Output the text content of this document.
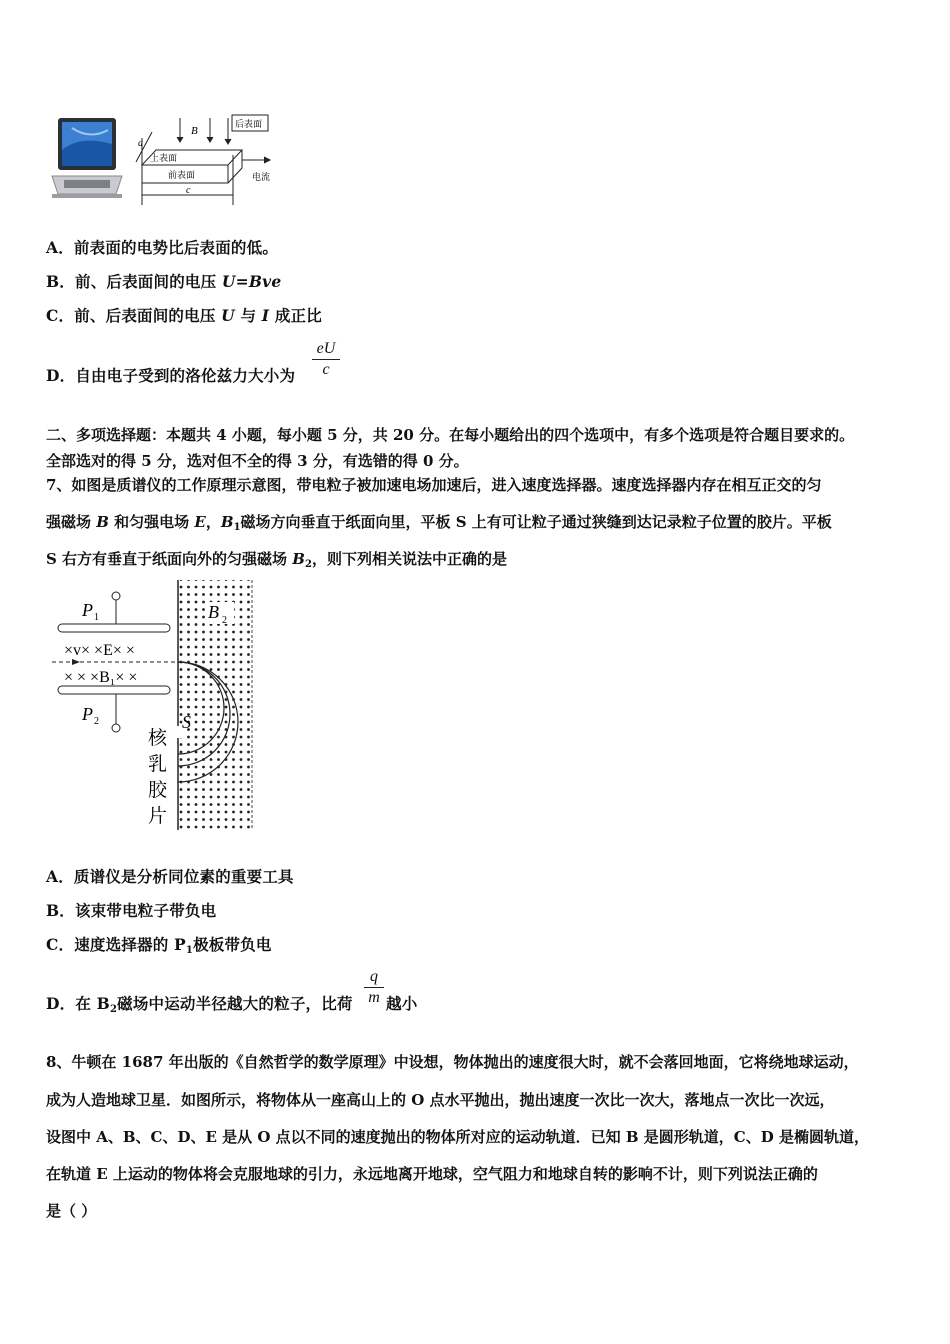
B
后表面
上表面
前表面	电流
a
c
A．前表面的电势比后表面的低。
B．前、后表面间的电压 U=Bve
C．前、后表面间的电压 U 与 I 成正比
D．自由电子受到的洛伦兹力大小为
eU
c
二、多项选择题：本题共 4 小题，每小题 5 分，共 20 分。在每小题给出的四个选项中，有多个选项是符合题目要求的。
全部选对的得 5 分，选对但不全的得 3 分，有选错的得 0 分。
7、如图是质谱仪的工作原理示意图，带电粒子被加速电场加速后，进入速度选择器。速度选择器内存在相互正交的匀
强磁场 B 和匀强电场 E，$B_1$磁场方向垂直于纸面向里，平板 S 上有可让粒子通过狭缝到达记录粒子位置的胶片。平板
S 右方有垂直于纸面向外的匀强磁场 $B_2$，则下列相关说法中正确的是
P 1
P 2
×v× ×E× ×
× × ×B₁× ×
B 2
S
核
乳
胶
片
A．质谱仪是分析同位素的重要工具
B．该束带电粒子带负电
C．速度选择器的 $P_1$极板带负电
D．在 $B_2$磁场中运动半径越大的粒子，比荷
q
m 越小
8、牛顿在 1687 年出版的《自然哲学的数学原理》中设想，物体抛出的速度很大时，就不会落回地面，它将绕地球运动，
成为人造地球卫星．如图所示，将物体从一座高山上的 O 点水平抛出，抛出速度一次比一次大，落地点一次比一次远，
设图中 A、B、C、D、E 是从 O 点以不同的速度抛出的物体所对应的运动轨道．已知 B 是圆形轨道，C、D 是椭圆轨道，
在轨道 E 上运动的物体将会克服地球的引力，永远地离开地球，空气阻力和地球自转的影响不计，则下列说法正确的
是（ ）
